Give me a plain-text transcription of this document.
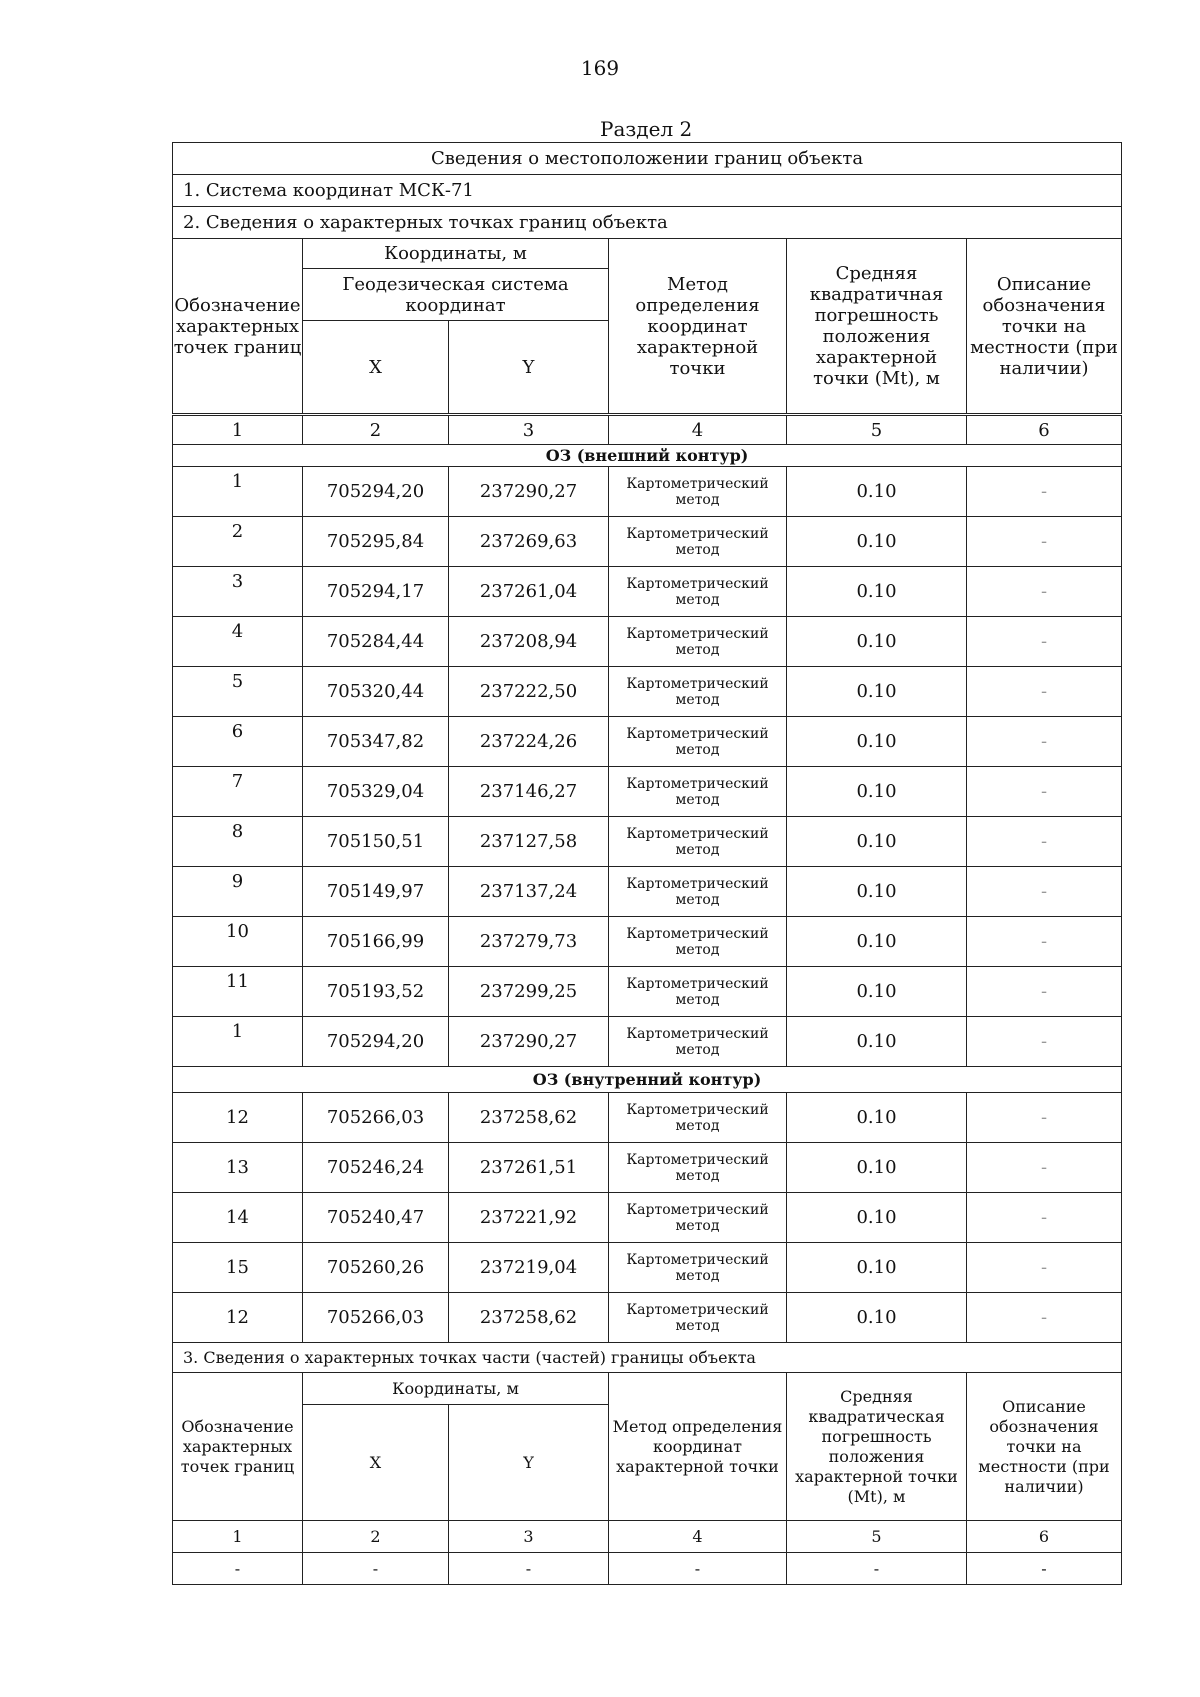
169
Раздел 2
Сведения о местоположении границ объекта					
1. Система координат МСК-71					
2. Сведения о характерных точках границ объекта					
Обозначение характерных точек границ	Координаты, м		Метод определения координат характерной точки	Средняя квадратичная погрешность положения характерной точки (Mt), м	Описание обозначения точки на местности (при наличии)
	Геодезическая система координат				
	X	Y			
1	2	3	4	5	6
ОЗ (внешний контур)					
1	705294,20	237290,27	Картометрический метод	0.10	-
2	705295,84	237269,63	Картометрический метод	0.10	-
3	705294,17	237261,04	Картометрический метод	0.10	-
4	705284,44	237208,94	Картометрический метод	0.10	-
5	705320,44	237222,50	Картометрический метод	0.10	-
6	705347,82	237224,26	Картометрический метод	0.10	-
7	705329,04	237146,27	Картометрический метод	0.10	-
8	705150,51	237127,58	Картометрический метод	0.10	-
9	705149,97	237137,24	Картометрический метод	0.10	-
10	705166,99	237279,73	Картометрический метод	0.10	-
11	705193,52	237299,25	Картометрический метод	0.10	-
1	705294,20	237290,27	Картометрический метод	0.10	-
ОЗ (внутренний контур)					
12	705266,03	237258,62	Картометрический метод	0.10	-
13	705246,24	237261,51	Картометрический метод	0.10	-
14	705240,47	237221,92	Картометрический метод	0.10	-
15	705260,26	237219,04	Картометрический метод	0.10	-
12	705266,03	237258,62	Картометрический метод	0.10	-
3. Сведения о характерных точках части (частей) границы объекта					
Обозначение характерных точек границ	Координаты, м		Метод определения координат характерной точки	Средняя квадратическая погрешность положения характерной точки (Mt), м	Описание обозначения точки на местности (при наличии)
	X	Y			
1	2	3	4	5	6
-	-	-	-	-	-
